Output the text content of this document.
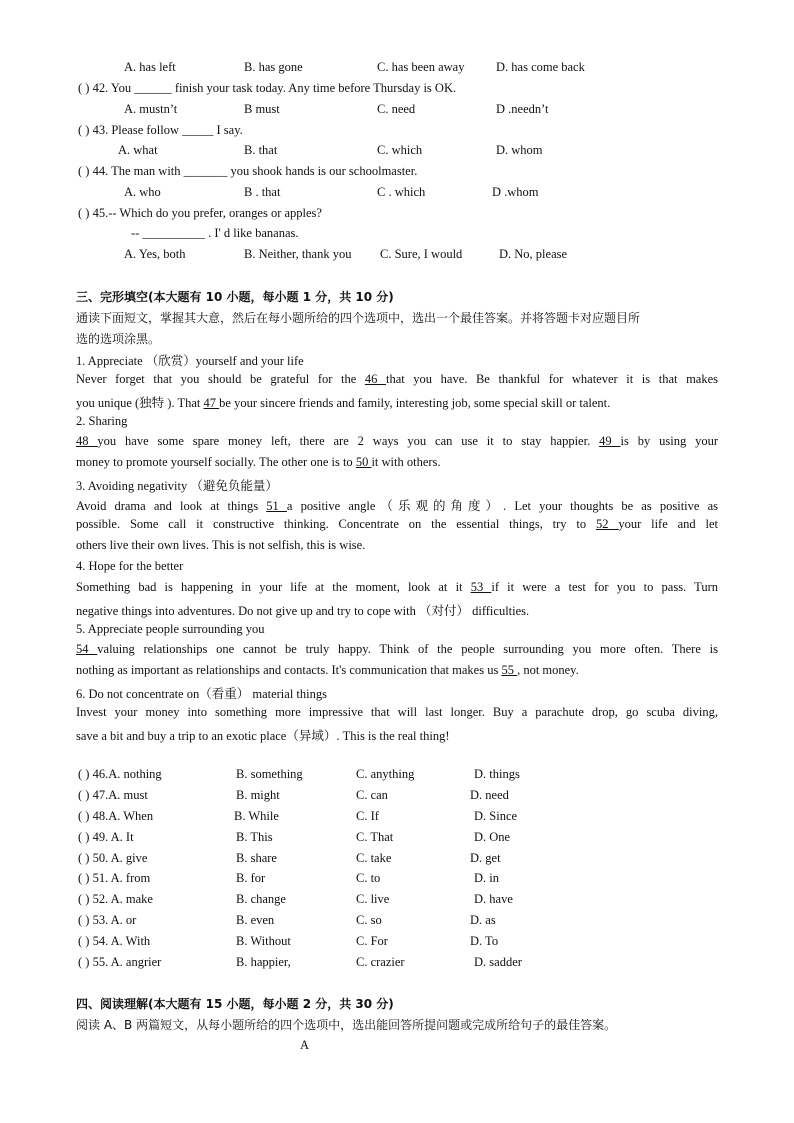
A. has left	B. has gone	C. has been away	D. has come back
( ) 42. You ______ finish your task today. Any time before Thursday is OK.
A. mustn’t	B must	C. need	D .needn’t
( ) 43. Please follow _____ I say.
A. what	B. that	C. which	D. whom
( ) 44. The man with _______ you shook hands is our schoolmaster.
A. who	B . that	C . which	D .whom
( ) 45.-- Which do you prefer, oranges or apples?
-- __________ . I' d like bananas.
A. Yes, both	B. Neither, thank you C. Sure, I would	D. No, please
三、完形填空(本大题有 10 小题，每小题 1 分，共 10 分)
通读下面短文，掌握其大意，然后在每小题所给的四个选项中，选出一个最佳答案。并将答题卡对应题目所
选的选项涂黑。
1. Appreciate （欣赏）yourself and your life
Never forget that you should be grateful for the 46 that you have. Be thankful for whatever it is that makes
you unique (独特 ). That 47 be your sincere friends and family, interesting job, some special skill or talent.
2. Sharing
48 you have some spare money left, there are 2 ways you can use it to stay happier. 49 is by using your
money to promote yourself socially. The other one is to 50 it with others.
3. Avoiding negativity （避免负能量）
Avoid drama and look at things 51 a positive angle（乐观的角度）. Let your thoughts be as positive as
possible. Some call it constructive thinking. Concentrate on the essential things, try to 52 your life and let
others live their own lives. This is not selfish, this is wise.
4. Hope for the better
Something bad is happening in your life at the moment, look at it 53 if it were a test for you to pass. Turn
negative things into adventures. Do not give up and try to cope with （对付） difficulties.
5. Appreciate people surrounding you
54 valuing relationships one cannot be truly happy. Think of the people surrounding you more often. There is
nothing as important as relationships and contacts. It's communication that makes us 55 , not money.
6. Do not concentrate on（看重） material things
Invest your money into something more impressive that will last longer. Buy a parachute drop, go scuba diving,
save a bit and buy a trip to an exotic place（异域）. This is the real thing!
( ) 46.A. nothing	B. something	C. anything	D. things
( ) 47.A. must	B. might	C. can	D. need
( ) 48.A. When	B. While	C. If	D. Since
( ) 49. A. It	B. This	C. That	D. One
( ) 50. A. give	B. share	C. take	D. get
( ) 51. A. from	B. for	C. to	D. in
( ) 52. A. make	B. change	C. live	D. have
( ) 53. A. or	B. even	C. so	D. as
( ) 54. A. With	B. Without	C. For	D. To
( ) 55. A. angrier	B. happier,	C. crazier	D. sadder
四、阅读理解(本大题有 15 小题，每小题 2 分，共 30 分)
阅读 A、B 两篇短文，从每小题所给的四个选项中，选出能回答所提问题或完成所给句子的最佳答案。
A
